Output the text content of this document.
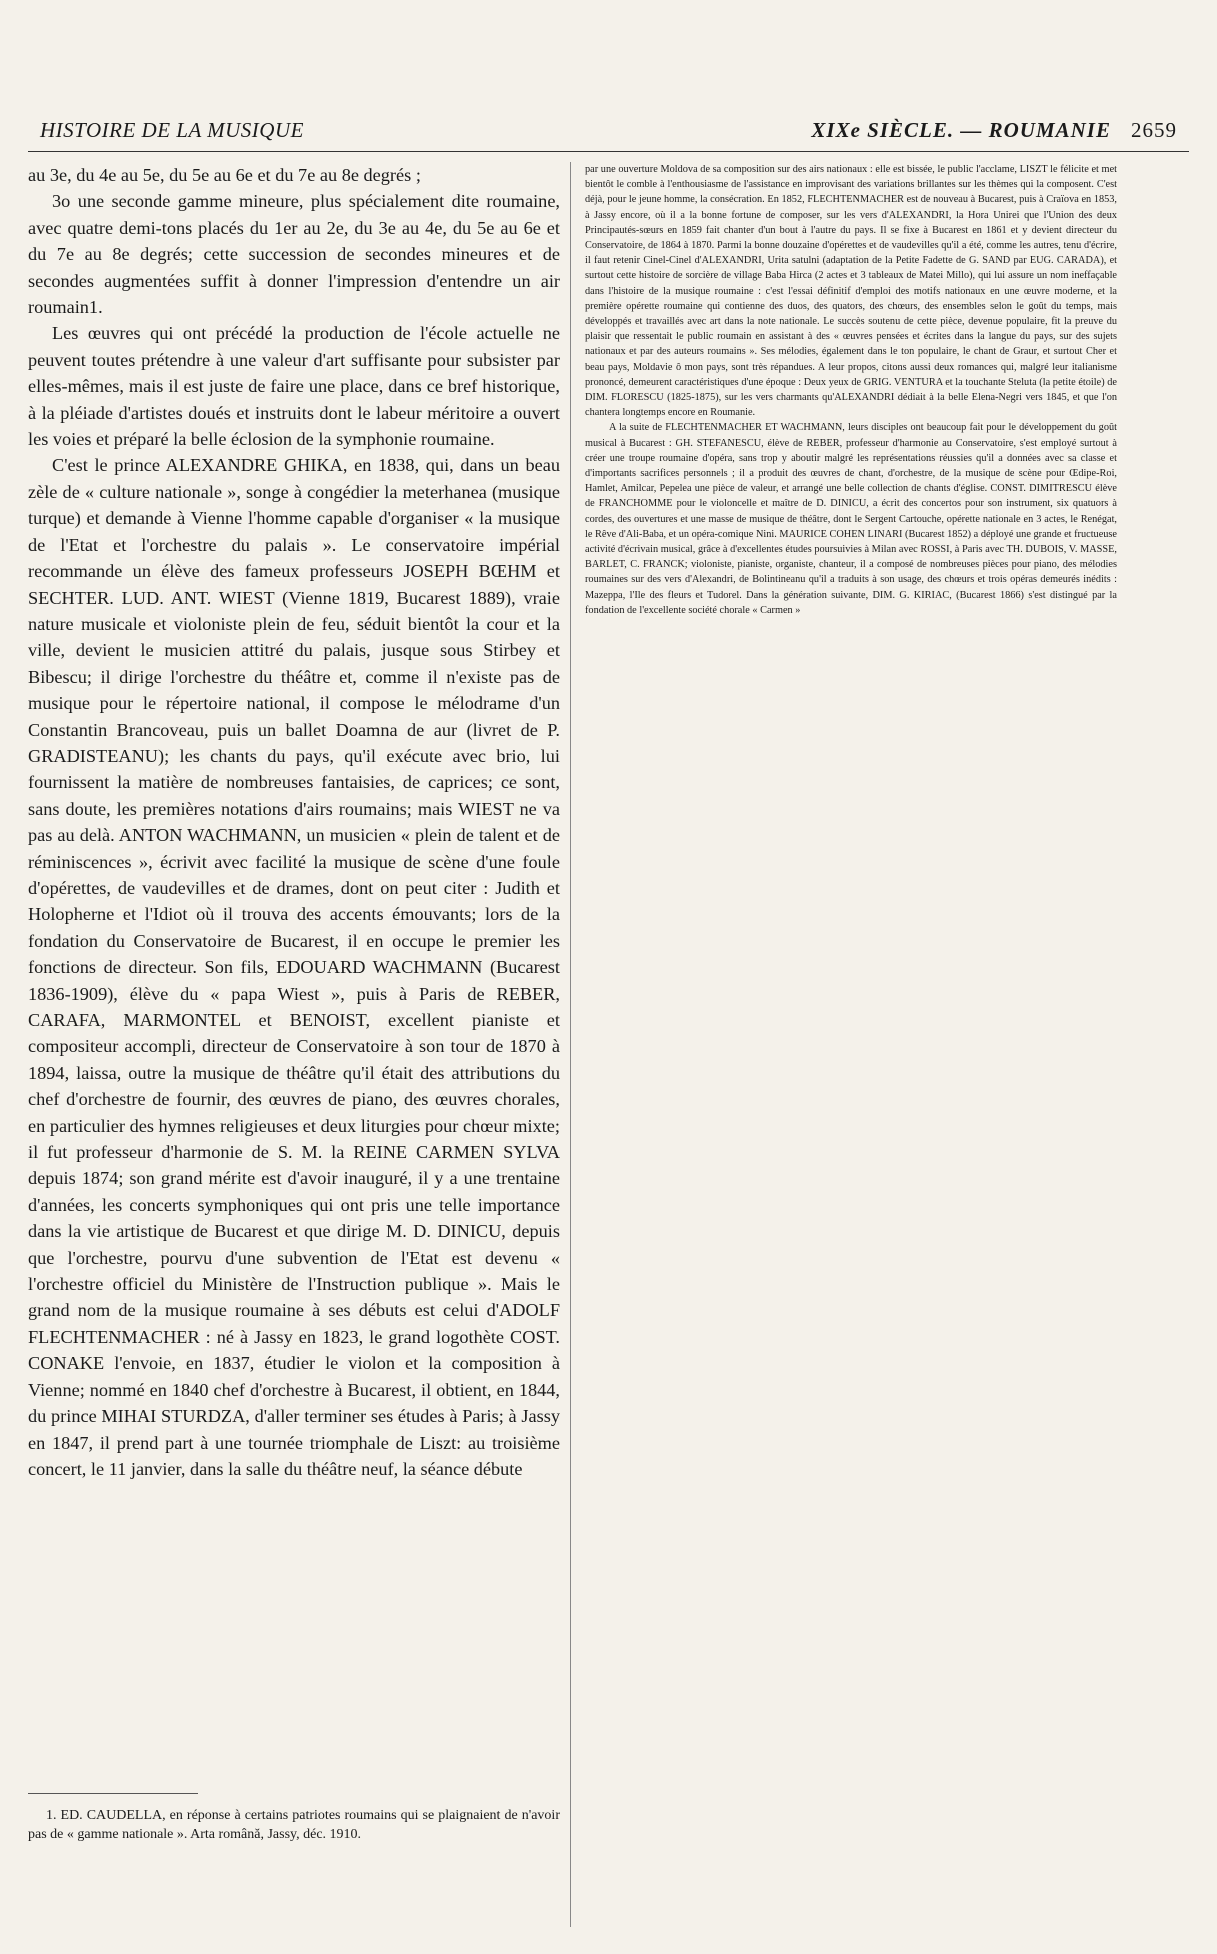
HISTOIRE DE LA MUSIQUE	XIXe SIÈCLE. — ROUMANIE 2659

au 3e, du 4e au 5e, du 5e au 6e et du 7e au 8e degrés ;

3o une seconde gamme mineure, plus spécialement dite roumaine, avec quatre demi-tons placés du 1er au 2e, du 3e au 4e, du 5e au 6e et du 7e au 8e degrés; cette succession de secondes mineures et de secondes augmentées suffit à donner l'impression d'entendre un air roumain1.

Les œuvres qui ont précédé la production de l'école actuelle ne peuvent toutes prétendre à une valeur d'art suffisante pour subsister par elles-mêmes, mais il est juste de faire une place, dans ce bref historique, à la pléiade d'artistes doués et instruits dont le labeur méritoire a ouvert les voies et préparé la belle éclosion de la symphonie roumaine.

C'est le prince ALEXANDRE GHIKA, en 1838, qui, dans un beau zèle de « culture nationale », songe à congédier la meterhanea (musique turque) et demande à Vienne l'homme capable d'organiser « la musique de l'Etat et l'orchestre du palais ». Le conservatoire impérial recommande un élève des fameux professeurs JOSEPH BŒHM et SECHTER. LUD. ANT. WIEST (Vienne 1819, Bucarest 1889), vraie nature musicale et violoniste plein de feu, séduit bientôt la cour et la ville, devient le musicien attitré du palais, jusque sous Stirbey et Bibescu; il dirige l'orchestre du théâtre et, comme il n'existe pas de musique pour le répertoire national, il compose le mélodrame d'un Constantin Brancoveau, puis un ballet Doamna de aur (livret de P. GRADISTEANU); les chants du pays, qu'il exécute avec brio, lui fournissent la matière de nombreuses fantaisies, de caprices; ce sont, sans doute, les premières notations d'airs roumains; mais WIEST ne va pas au delà. ANTON WACHMANN, un musicien « plein de talent et de réminiscences », écrivit avec facilité la musique de scène d'une foule d'opérettes, de vaudevilles et de drames, dont on peut citer : Judith et Holopherne et l'Idiot où il trouva des accents émouvants; lors de la fondation du Conservatoire de Bucarest, il en occupe le premier les fonctions de directeur. Son fils, EDOUARD WACHMANN (Bucarest 1836-1909), élève du « papa Wiest », puis à Paris de REBER, CARAFA, MARMONTEL et BENOIST, excellent pianiste et compositeur accompli, directeur de Conservatoire à son tour de 1870 à 1894, laissa, outre la musique de théâtre qu'il était des attributions du chef d'orchestre de fournir, des œuvres de piano, des œuvres chorales, en particulier des hymnes religieuses et deux liturgies pour chœur mixte; il fut professeur d'harmonie de S. M. la REINE CARMEN SYLVA depuis 1874; son grand mérite est d'avoir inauguré, il y a une trentaine d'années, les concerts symphoniques qui ont pris une telle importance dans la vie artistique de Bucarest et que dirige M. D. DINICU, depuis que l'orchestre, pourvu d'une subvention de l'Etat est devenu « l'orchestre officiel du Ministère de l'Instruction publique ». Mais le grand nom de la musique roumaine à ses débuts est celui d'ADOLF FLECHTENMACHER : né à Jassy en 1823, le grand logothète COST. CONAKE l'envoie, en 1837, étudier le violon et la composition à Vienne; nommé en 1840 chef d'orchestre à Bucarest, il obtient, en 1844, du prince MIHAI STURDZA, d'aller terminer ses études à Paris; à Jassy en 1847, il prend part à une tournée triomphale de Liszt: au troisième concert, le 11 janvier, dans la salle du théâtre neuf, la séance débute

par une ouverture Moldova de sa composition sur des airs nationaux : elle est bissée, le public l'acclame, LISZT le félicite et met bientôt le comble à l'enthousiasme de l'assistance en improvisant des variations brillantes sur les thèmes qui la composent. C'est déjà, pour le jeune homme, la consécration. En 1852, FLECHTENMACHER est de nouveau à Bucarest, puis à Craïova en 1853, à Jassy encore, où il a la bonne fortune de composer, sur les vers d'ALEXANDRI, la Hora Unirei que l'Union des deux Principautés-sœurs en 1859 fait chanter d'un bout à l'autre du pays. Il se fixe à Bucarest en 1861 et y devient directeur du Conservatoire, de 1864 à 1870. Parmi la bonne douzaine d'opérettes et de vaudevilles qu'il a été, comme les autres, tenu d'écrire, il faut retenir Cinel-Cinel d'ALEXANDRI, Urita satulni (adaptation de la Petite Fadette de G. SAND par EUG. CARADA), et surtout cette histoire de sorcière de village Baba Hirca (2 actes et 3 tableaux de Matei Millo), qui lui assure un nom ineffaçable dans l'histoire de la musique roumaine : c'est l'essai définitif d'emploi des motifs nationaux en une œuvre moderne, et la première opérette roumaine qui contienne des duos, des quators, des chœurs, des ensembles selon le goût du temps, mais développés et travaillés avec art dans la note nationale. Le succès soutenu de cette pièce, devenue populaire, fit la preuve du plaisir que ressentait le public roumain en assistant à des « œuvres pensées et écrites dans la langue du pays, sur des sujets nationaux et par des auteurs roumains ». Ses mélodies, également dans le ton populaire, le chant de Graur, et surtout Cher et beau pays, Moldavie ô mon pays, sont très répandues. A leur propos, citons aussi deux romances qui, malgré leur italianisme prononcé, demeurent caractéristiques d'une époque : Deux yeux de GRIG. VENTURA et la touchante Steluta (la petite étoile) de DIM. FLORESCU (1825-1875), sur les vers charmants qu'ALEXANDRI dédiait à la belle Elena-Negri vers 1845, et que l'on chantera longtemps encore en Roumanie.

A la suite de FLECHTENMACHER ET WACHMANN, leurs disciples ont beaucoup fait pour le développement du goût musical à Bucarest : GH. STEFANESCU, élève de REBER, professeur d'harmonie au Conservatoire, s'est employé surtout à créer une troupe roumaine d'opéra, sans trop y aboutir malgré les représentations réussies qu'il a données avec sa classe et d'importants sacrifices personnels ; il a produit des œuvres de chant, d'orchestre, de la musique de scène pour Œdipe-Roi, Hamlet, Amilcar, Pepelea une pièce de valeur, et arrangé une belle collection de chants d'église. CONST. DIMITRESCU élève de FRANCHOMME pour le violoncelle et maître de D. DINICU, a écrit des concertos pour son instrument, six quatuors à cordes, des ouvertures et une masse de musique de théâtre, dont le Sergent Cartouche, opérette nationale en 3 actes, le Renégat, le Rêve d'Ali-Baba, et un opéra-comique Nini. MAURICE COHEN LINARI (Bucarest 1852) a déployé une grande et fructueuse activité d'écrivain musical, grâce à d'excellentes études poursuivies à Milan avec ROSSI, à Paris avec TH. DUBOIS, V. MASSE, BARLET, C. FRANCK; violoniste, pianiste, organiste, chanteur, il a composé de nombreuses pièces pour piano, des mélodies roumaines sur des vers d'Alexandri, de Bolintineanu qu'il a traduits à son usage, des chœurs et trois opéras demeurés inédits : Mazeppa, l'Ile des fleurs et Tudorel. Dans la génération suivante, DIM. G. KIRIAC, (Bucarest 1866) s'est distingué par la fondation de l'excellente société chorale « Carmen »

1. ED. CAUDELLA, en réponse à certains patriotes roumains qui se plaignaient de n'avoir pas de « gamme nationale ». Arta română, Jassy, déc. 1910.
